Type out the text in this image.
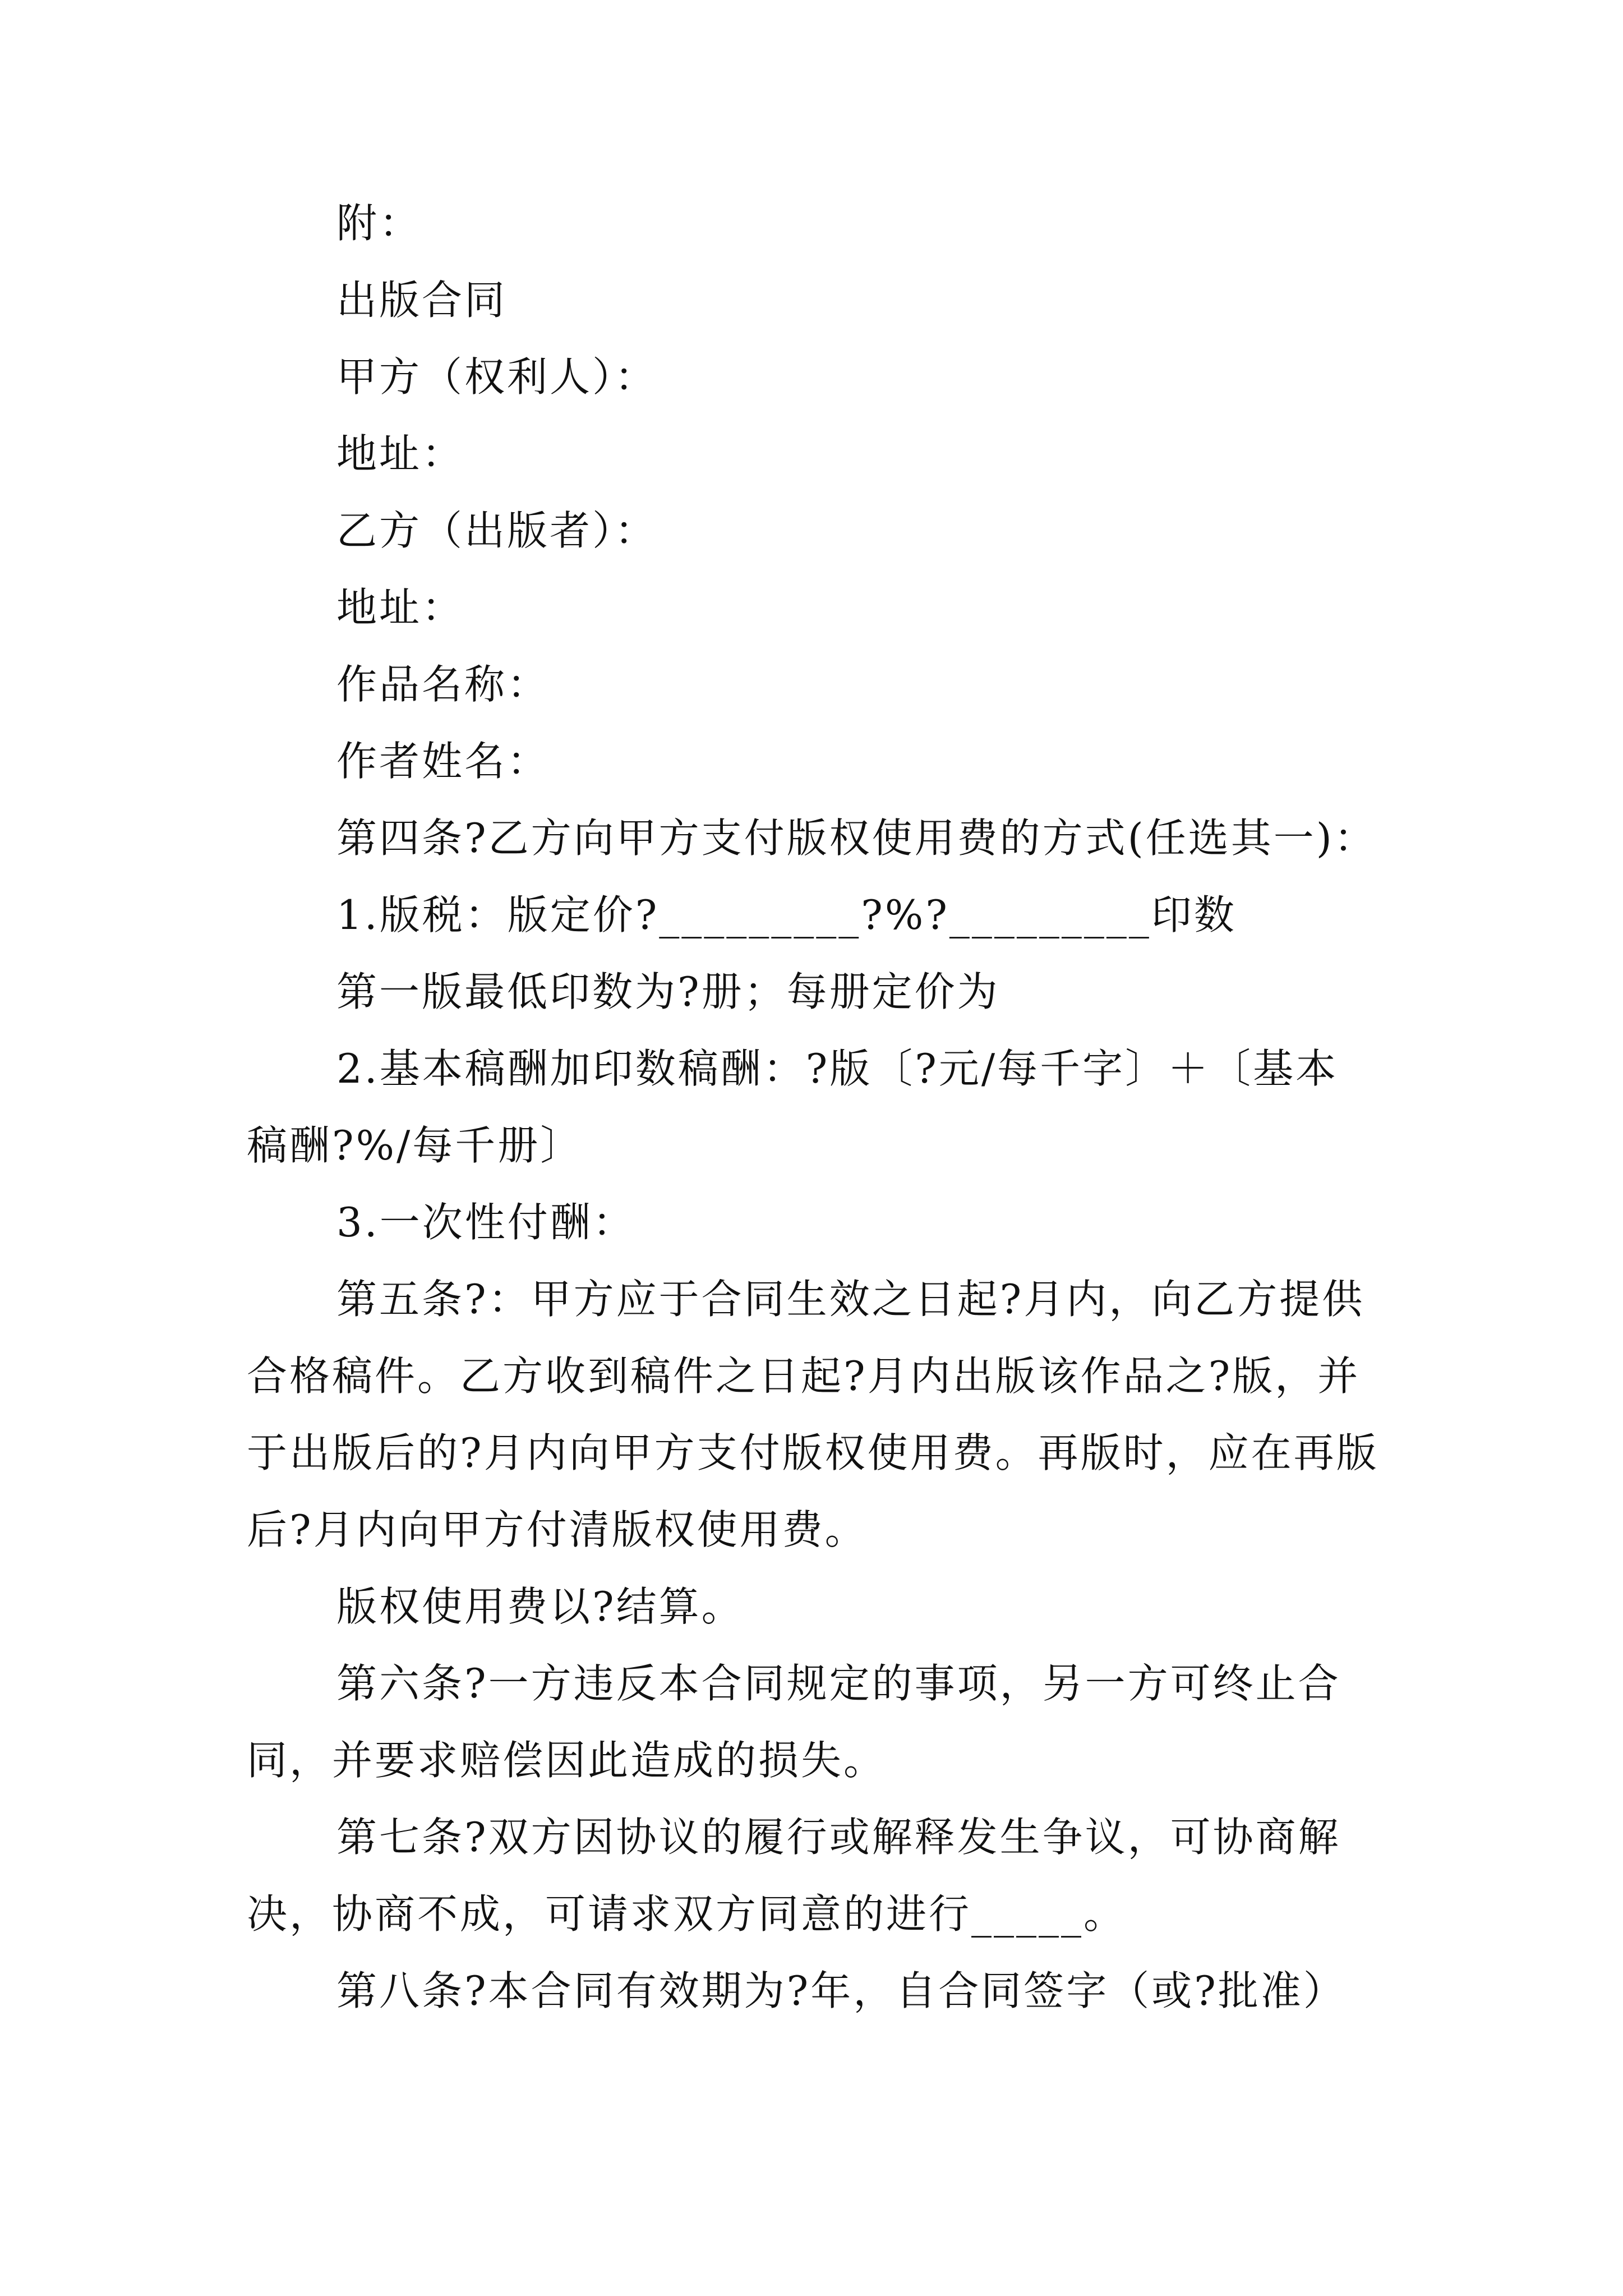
附：

出版合同

甲方（权利人）：

地址：

乙方（出版者）：

地址：

作品名称：

作者姓名：

第四条?乙方向甲方支付版权使用费的方式(任选其一)：

1.版税：版定价?_________?%?_________印数

第一版最低印数为?册；每册定价为

2.基本稿酬加印数稿酬：?版〔?元/每千字〕＋〔基本稿酬?%/每千册〕

3.一次性付酬：

第五条?：甲方应于合同生效之日起?月内，向乙方提供合格稿件。乙方收到稿件之日起?月内出版该作品之?版，并于出版后的?月内向甲方支付版权使用费。再版时，应在再版后?月内向甲方付清版权使用费。

版权使用费以?结算。

第六条?一方违反本合同规定的事项，另一方可终止合同，并要求赔偿因此造成的损失。

第七条?双方因协议的履行或解释发生争议，可协商解决，协商不成，可请求双方同意的进行_____。

第八条?本合同有效期为?年，自合同签字（或?批准）
